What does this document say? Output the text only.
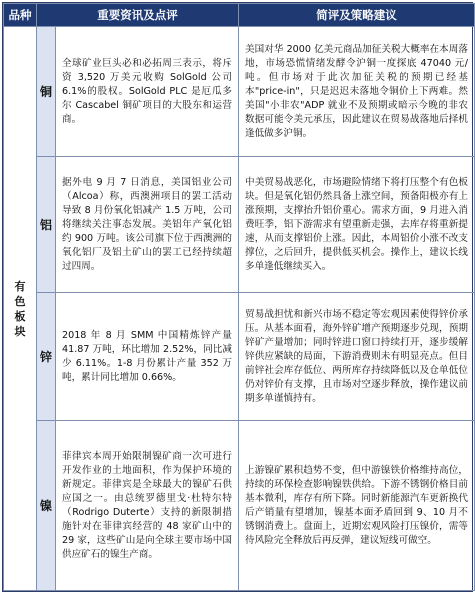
品种	重要资讯及点评		简评及策略建议
有色板块	铜	全球矿业巨头必和必拓周三表示，将斥资 3,520 万美元收购 SolGold 公司 6.1%的股权。SolGold PLC 是厄瓜多尔 Cascabel 铜矿项目的大股东和运营商。	美国对华 2000 亿美元商品加征关税大概率在本周落地，市场恐慌情绪发酵令沪铜一度探底 47040 元/吨。但市场对于此次加征关税的预期已经基本"price-in"，只是迟迟未落地令铜价上下两难。然美国"小非农"ADP 就业不及预期或暗示今晚的非农数据可能令美元承压，因此建议在贸易战落地后择机逢低做多沪铜。

	铝	据外电 9 月 7 日消息，美国铝业公司（Alcoa）称，西澳洲项目的罢工活动导致 8 月份氧化铝减产 1.5 万吨，公司将继续关注事态发展。美铝年产氧化铝约 900 万吨。该公司旗下位于西澳洲的氧化铝厂及铝土矿山的罢工已经持续超过四周。	中美贸易战恶化，市场避险情绪下将打压整个有色板块。但是氧化铝仍然具备上涨空间，预备阳极亦有上涨预期，支撑抬升铝价重心。需求方面，9 月进入消费旺季，铝下游需求有望重新走强，去库存将重新提速，从而支撑铝价上涨。因此，本周铝价小涨不改支撑位，之后回升，提供低买机会。操作上，建议长线多单逢低继续买入。

	锌	2018 年 8 月 SMM 中国精炼锌产量 41.87 万吨，环比增加 2.52%，同比减少 6.11%。1-8 月份累计产量 352 万吨，累计同比增加 0.66%。	贸易战担忧和新兴市场不稳定等宏观因素使得锌价承压。从基本面看，海外锌矿增产预期逐步兑现，预期锌矿产量增加；同时锌进口窗口持续打开，逐步缓解锌供应紧缺的局面，下游消费则未有明显亮点。但目前锌社会库存低位、两所库存持续降低以及仓单低位仍对锌价有支撑，且市场对空逐步释放，操作建议前期多单谨慎持有。

	镍	菲律宾本周开始限制镍矿商一次可进行开发作业的土地面积，作为保护环境的新规定。菲律宾是全球最大的镍矿石供应国之一。由总统罗德里戈·杜特尔特（Rodrigo Duterte）支持的新限制措施针对在菲律宾经营的 48 家矿山中的 29 家，这些矿山是向全球主要市场中国供应矿石的镍生产商。	上游镍矿累积趋势不变，但中游镍铁价格维持高位，持续的环保检查影响镍铁供给。下游不锈钢价格目前基本微利，库存有所下降。同时新能源汽车更新换代后产销量有望增加，镍基本面矛盾回到 9、10 月不锈钢消费上。盘面上，近期宏观风险打压镍价，需等待风险完全释放后再反弹，建议短线可做空。
